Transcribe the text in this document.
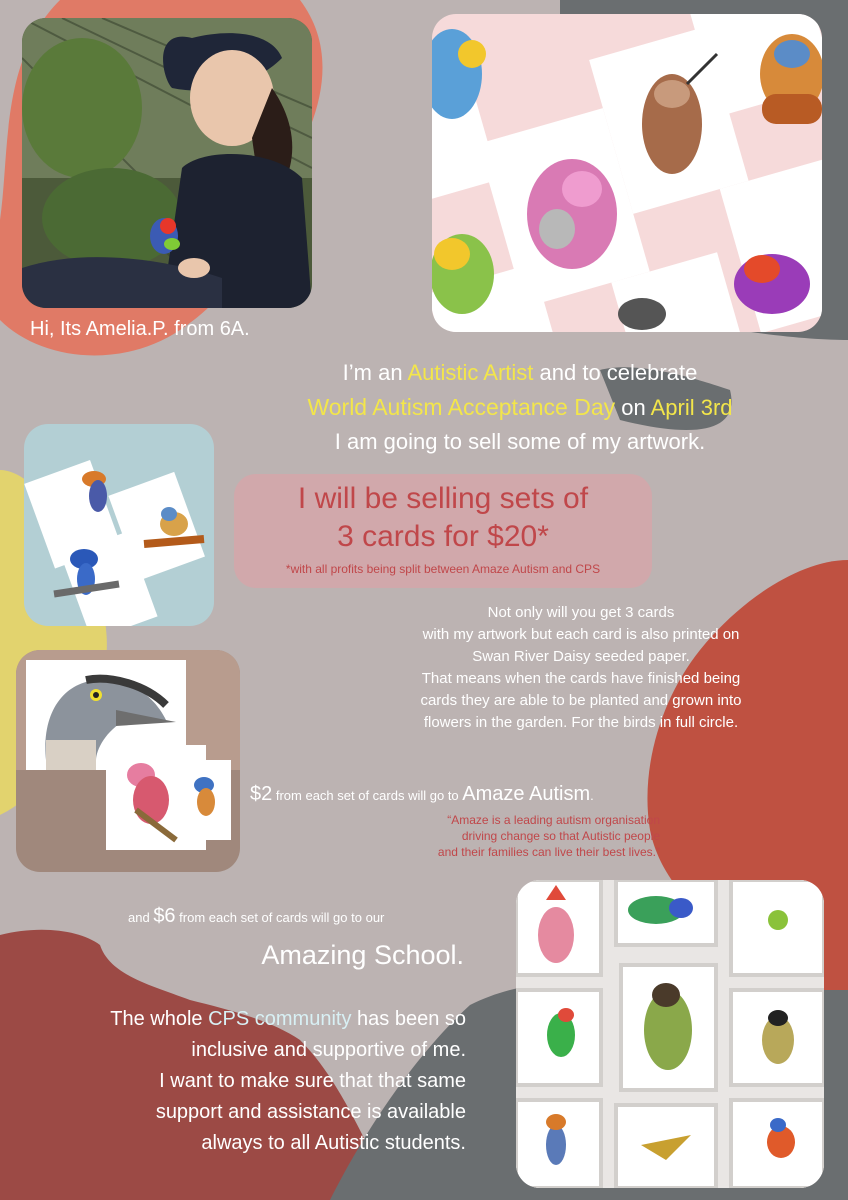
Hi, Its Amelia.P. from 6A.
I’m an Autistic Artist and to celebrate
World Autism Acceptance Day on April 3rd
I am going to sell some of my artwork.
I will be selling sets of
3 cards for $20*
*with all profits being split between Amaze Autism and CPS
Not only will you get 3 cards
with my artwork but each card is also printed on
Swan River Daisy seeded paper.
That means when the cards have finished being
cards they are able to be planted and grown into
flowers in the garden. For the birds in full circle.
$2 from each set of cards will go to Amaze Autism.
“Amaze is a leading autism organisation
driving change so that Autistic people
and their families can live their best lives.”
and $6 from each set of cards will go to our
Amazing School.
The whole CPS community has been so
inclusive and supportive of me.
I want to make sure that that same
support and assistance is available
always to all Autistic students.
